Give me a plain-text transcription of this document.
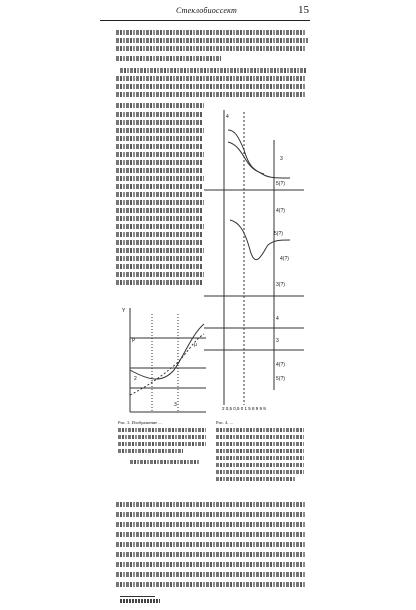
Стеклобиоссект	15
4
3
5(?)
4(?)
5(?)
4(?)
3(?)
4
3
4(?)
5(?)
2 0,5 0,5 0 1 5 8 9 9 9
Y
P
μ
2
3
Рис. 3. Изображение ...	Рис. 4. ...
